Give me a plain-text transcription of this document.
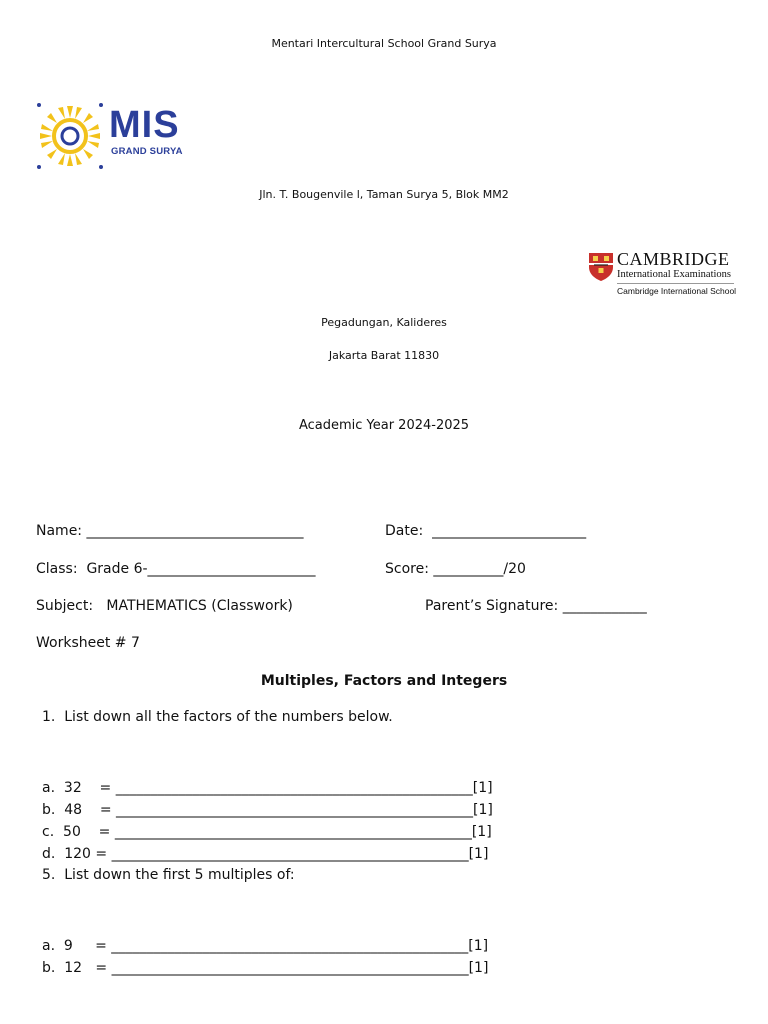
Mentari Intercultural School Grand Surya
MIS
GRAND SURYA
Jln. T. Bougenvile l, Taman Surya 5, Blok MM2
CAMBRIDGE
International Examinations
Cambridge International School
Pegadungan, Kalideres
Jakarta Barat 11830
Academic Year 2024-2025
Name: _______________________________	Date:  ______________________
Class:  Grade 6-________________________	Score: __________/20
Subject:   MATHEMATICS (Classwork)	Parent’s Signature: ____________
Worksheet # 7
Multiples, Factors and Integers
1.  List down all the factors of the numbers below.
a.  32    = ___________________________________________________[1]
b.  48    = ___________________________________________________[1]
c.  50    = ___________________________________________________[1]
d.  120 = ___________________________________________________[1]
5.  List down the first 5 multiples of:
a.  9     = ___________________________________________________[1]
b.  12   = ___________________________________________________[1]
